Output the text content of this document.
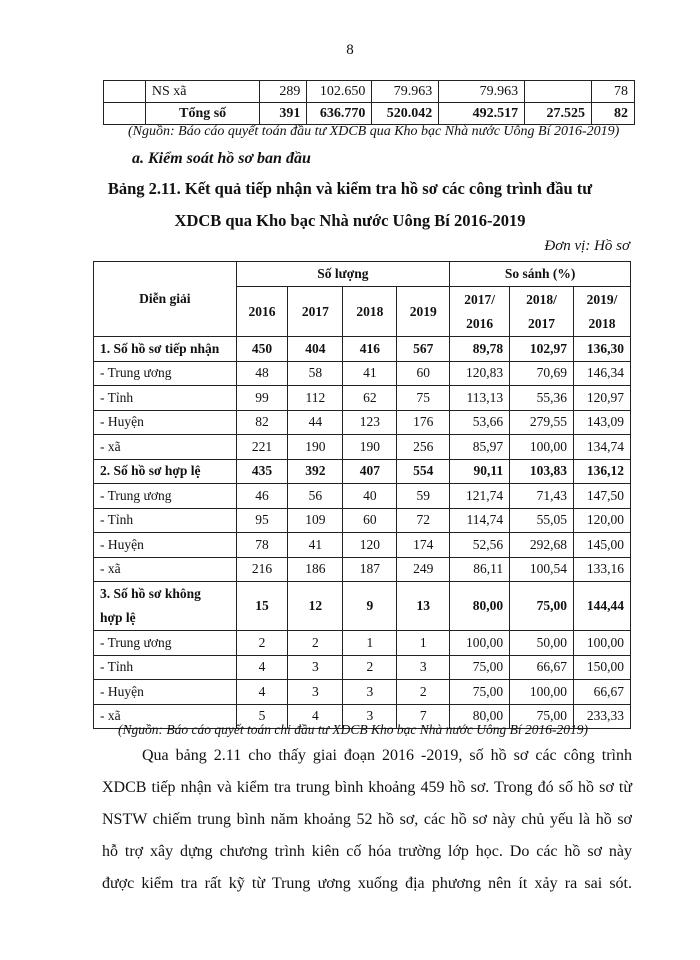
8
	NS xã	289	102.650	79.963	79.963		78
	Tổng số	391	636.770	520.042	492.517	27.525	82
(Nguồn: Báo cáo quyết toán đầu tư XDCB qua Kho bạc Nhà nước Uông Bí 2016-2019)
a. Kiểm soát hồ sơ ban đầu
Bảng 2.11. Kết quả tiếp nhận và kiểm tra hồ sơ các công trình đầu tư
XDCB qua Kho bạc Nhà nước Uông Bí 2016-2019
Đơn vị: Hồ sơ
Diễn giải	Số lượng				So sánh (%)		
	2016	2017	2018	2019	2017/
2016	2018/
2017	2019/
2018
1. Số hồ sơ tiếp nhận	450	404	416	567	89,78	102,97	136,30
- Trung ương	48	58	41	60	120,83	70,69	146,34
- Tỉnh	99	112	62	75	113,13	55,36	120,97
- Huyện	82	44	123	176	53,66	279,55	143,09
- xã	221	190	190	256	85,97	100,00	134,74
2. Số hồ sơ hợp lệ	435	392	407	554	90,11	103,83	136,12
- Trung ương	46	56	40	59	121,74	71,43	147,50
- Tỉnh	95	109	60	72	114,74	55,05	120,00
- Huyện	78	41	120	174	52,56	292,68	145,00
- xã	216	186	187	249	86,11	100,54	133,16
3. Số hồ sơ không
hợp lệ	15	12	9	13	80,00	75,00	144,44
- Trung ương	2	2	1	1	100,00	50,00	100,00
- Tỉnh	4	3	2	3	75,00	66,67	150,00
- Huyện	4	3	3	2	75,00	100,00	66,67
- xã	5	4	3	7	80,00	75,00	233,33
(Nguồn: Báo cáo quyết toán chi đầu tư XDCB Kho bạc Nhà nước Uông Bí 2016-2019)
Qua bảng 2.11 cho thấy giai đoạn 2016 -2019, số hồ sơ các công trình
XDCB tiếp nhận và kiểm tra trung bình khoảng 459 hồ sơ. Trong đó số hồ sơ từ
NSTW chiếm trung bình năm khoảng 52 hồ sơ, các hồ sơ này chủ yếu là hồ sơ
hỗ trợ xây dựng chương trình kiên cố hóa trường lớp học. Do các hồ sơ này
được kiểm tra rất kỹ từ Trung ương xuống địa phương nên ít xảy ra sai sót.
